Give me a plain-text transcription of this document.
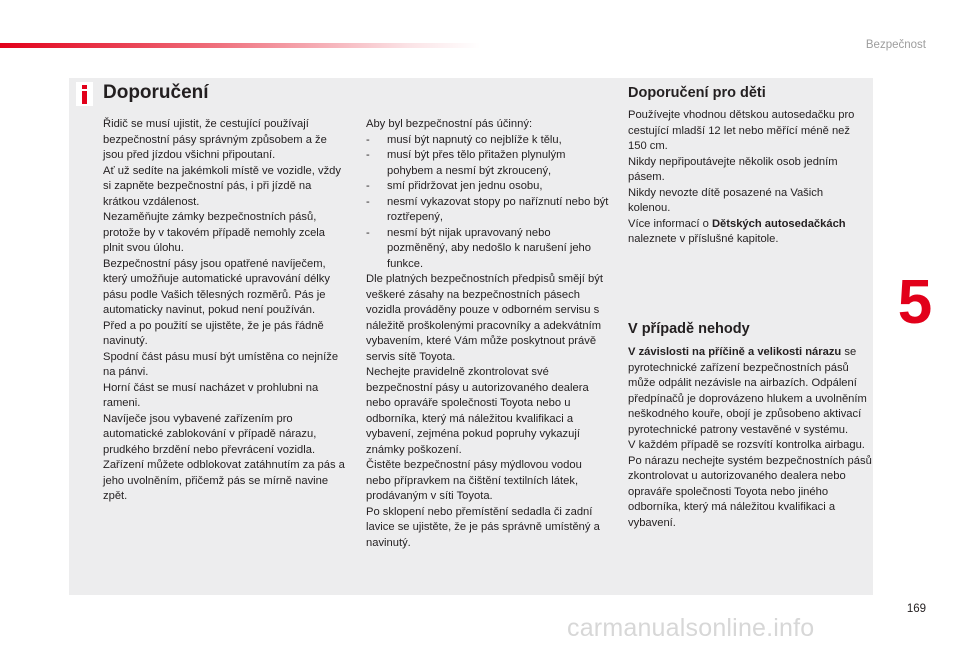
Bezpečnost
5
169
Doporučení

Řidič se musí ujistit, že cestující používají bezpečnostní pásy správným způsobem a že jsou před jízdou všichni připoutaní.

Ať už sedíte na jakémkoli místě ve vozidle, vždy si zapněte bezpečnostní pás, i při jízdě na krátkou vzdálenost.

Nezaměňujte zámky bezpečnostních pásů, protože by v takovém případě nemohly zcela plnit svou úlohu.

Bezpečnostní pásy jsou opatřené navíječem, který umožňuje automatické upravování délky pásu podle Vašich tělesných rozměrů. Pás je automaticky navinut, pokud není používán.

Před a po použití se ujistěte, že je pás řádně navinutý.

Spodní část pásu musí být umístěna co nejníže na pánvi.

Horní část se musí nacházet v prohlubni na rameni.

Navíječe jsou vybavené zařízením pro automatické zablokování v případě nárazu, prudkého brzdění nebo převrácení vozidla. Zařízení můžete odblokovat zatáhnutím za pás a jeho uvolněním, přičemž pás se mírně navine zpět.

Aby byl bezpečnostní pás účinný:

- musí být napnutý co nejblíže k tělu,
- musí být přes tělo přitažen plynulým pohybem a nesmí být zkroucený,
- smí přidržovat jen jednu osobu,
- nesmí vykazovat stopy po naříznutí nebo být roztřepený,
- nesmí být nijak upravovaný nebo pozměněný, aby nedošlo k narušení jeho funkce.

Dle platných bezpečnostních předpisů smějí být veškeré zásahy na bezpečnostních pásech vozidla prováděny pouze v odborném servisu s náležitě proškolenými pracovníky a adekvátním vybavením, které Vám může poskytnout právě servis sítě Toyota.

Nechejte pravidelně zkontrolovat své bezpečnostní pásy u autorizovaného dealera nebo opravářе společnosti Toyota nebo u odborníka, který má náležitou kvalifikaci a vybavení, zejména pokud popruhy vykazují známky poškození.

Čistěte bezpečnostní pásy mýdlovou vodou nebo přípravkem na čištění textilních látek, prodávaným v síti Toyota.

Po sklopení nebo přemístění sedadla či zadní lavice se ujistěte, že je pás správně umístěný a navinutý.

Doporučení pro děti

Používejte vhodnou dětskou autosedačku pro cestující mladší 12 let nebo měřící méně než 150 cm.

Nikdy nepřipoutávejte několik osob jedním pásem.

Nikdy nevozte dítě posazené na Vašich kolenou.

Více informací o Dětských autosedačkách naleznete v příslušné kapitole.

V případě nehody

V závislosti na příčině a velikosti nárazu se pyrotechnické zařízení bezpečnostních pásů může odpálit nezávisle na airbazích. Odpálení předpínačů je doprovázeno hlukem a uvolněním neškodného kouře, obojí je způsobeno aktivací pyrotechnické patrony vestavěné v systému.

V každém případě se rozsvítí kontrolka airbagu.

Po nárazu nechejte systém bezpečnostních pásů zkontrolovat u autorizovaného dealera nebo opraváře společnosti Toyota nebo jiného odborníka, který má náležitou kvalifikaci a vybavení.

carmanualsonline.info
